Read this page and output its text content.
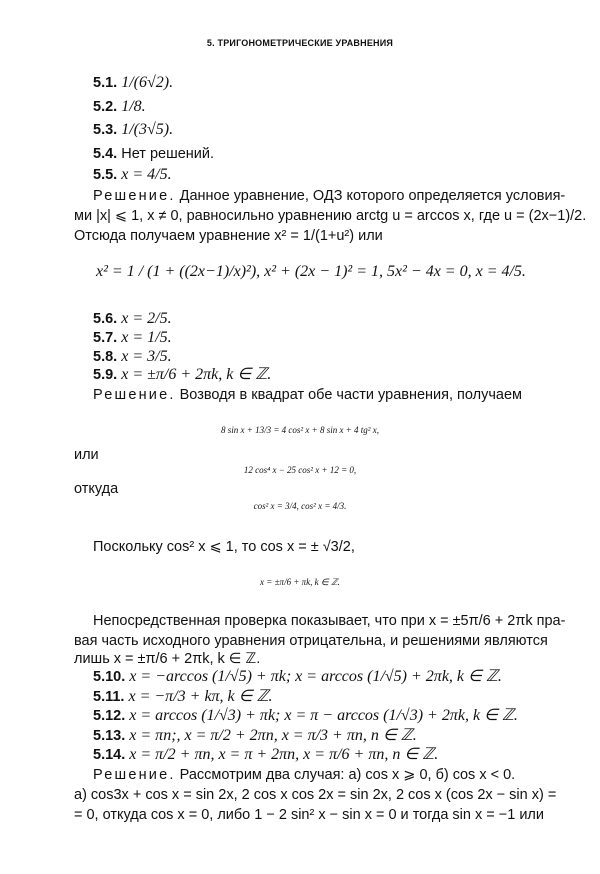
5. ТРИГОНОМЕТРИЧЕСКИЕ УРАВНЕНИЯ
5.1. 1/(6√2).
5.2. 1/8.
5.3. 1/(3√5).
5.4. Нет решений.
5.5. x = 4/5.
Решение. Данное уравнение, ОДЗ которого определяется условия-
ми |x| ⩽ 1, x ≠ 0, равносильно уравнению arctg u = arccos x, где u = (2x−1)/2.
Отсюда получаем уравнение x² = 1/(1+u²) или
x² = 1 / (1 + ((2x−1)/x)²), x² + (2x − 1)² = 1, 5x² − 4x = 0, x = 4/5.
5.6. x = 2/5.
5.7. x = 1/5.
5.8. x = 3/5.
5.9. x = ±π/6 + 2πk, k ∈ ℤ.
Решение. Возводя в квадрат обе части уравнения, получаем
8 sin x + 13/3 = 4 cos² x + 8 sin x + 4 tg² x,
или
12 cos⁴ x − 25 cos² x + 12 = 0,
откуда
cos² x = 3/4, cos² x = 4/3.
Поскольку cos² x ⩽ 1, то cos x = ± √3/2,
x = ±π/6 + πk, k ∈ ℤ.
Непосредственная проверка показывает, что при x = ±5π/6 + 2πk пра-
вая часть исходного уравнения отрицательна, и решениями являются
лишь x = ±π/6 + 2πk, k ∈ ℤ.
5.10. x = −arccos (1/√5) + πk; x = arccos (1/√5) + 2πk, k ∈ ℤ.
5.11. x = −π/3 + kπ, k ∈ ℤ.
5.12. x = arccos (1/√3) + πk; x = π − arccos (1/√3) + 2πk, k ∈ ℤ.
5.13. x = πn;, x = π/2 + 2πn, x = π/3 + πn, n ∈ ℤ.
5.14. x = π/2 + πn, x = π + 2πn, x = π/6 + πn, n ∈ ℤ.
Решение. Рассмотрим два случая: а) cos x ⩾ 0, б) cos x < 0.
а) cos3x + cos x = sin 2x, 2 cos x cos 2x = sin 2x, 2 cos x (cos 2x − sin x) =
= 0, откуда cos x = 0, либо 1 − 2 sin² x − sin x = 0 и тогда sin x = −1 или
